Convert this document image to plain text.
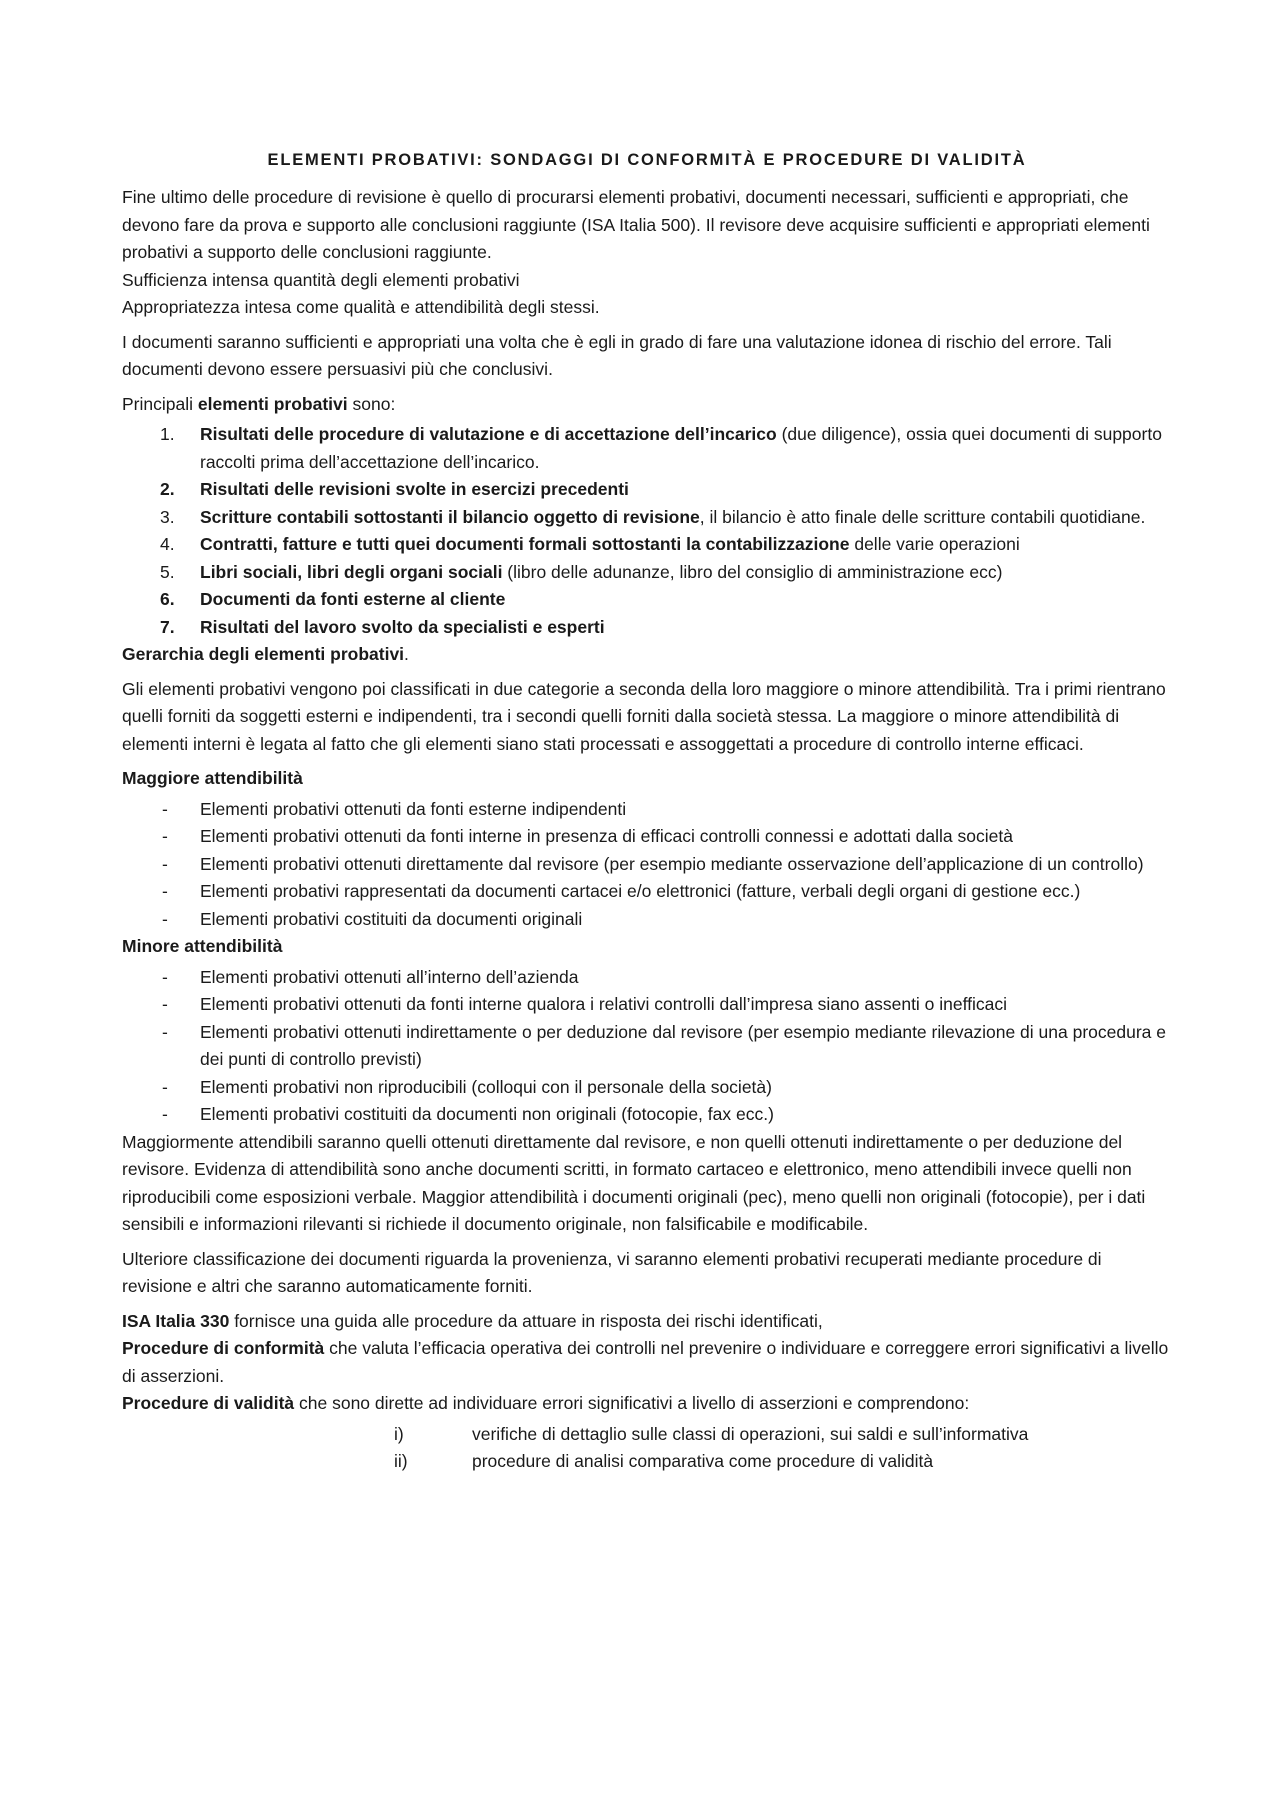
ELEMENTI PROBATIVI: SONDAGGI DI CONFORMITÀ E PROCEDURE DI VALIDITÀ

Fine ultimo delle procedure di revisione è quello di procurarsi elementi probativi, documenti necessari, sufficienti e appropriati, che devono fare da prova e supporto alle conclusioni raggiunte (ISA Italia 500). Il revisore deve acquisire sufficienti e appropriati elementi probativi a supporto delle conclusioni raggiunte.

Sufficienza intensa quantità degli elementi probativi

Appropriatezza intesa come qualità e attendibilità degli stessi.

I documenti saranno sufficienti e appropriati una volta che è egli in grado di fare una valutazione idonea di rischio del errore. Tali documenti devono essere persuasivi più che conclusivi.

Principali elementi probativi sono:

1. Risultati delle procedure di valutazione e di accettazione dell’incarico (due diligence), ossia quei documenti di supporto raccolti prima dell’accettazione dell’incarico.
2. Risultati delle revisioni svolte in esercizi precedenti
3. Scritture contabili sottostanti il bilancio oggetto di revisione, il bilancio è atto finale delle scritture contabili quotidiane.
4. Contratti, fatture e tutti quei documenti formali sottostanti la contabilizzazione delle varie operazioni
5. Libri sociali, libri degli organi sociali (libro delle adunanze, libro del consiglio di amministrazione ecc)
6. Documenti da fonti esterne al cliente
7. Risultati del lavoro svolto da specialisti e esperti

Gerarchia degli elementi probativi.

Gli elementi probativi vengono poi classificati in due categorie a seconda della loro maggiore o minore attendibilità. Tra i primi rientrano quelli forniti da soggetti esterni e indipendenti, tra i secondi quelli forniti dalla società stessa. La maggiore o minore attendibilità di elementi interni è legata al fatto che gli elementi siano stati processati e assoggettati a procedure di controllo interne efficaci.

Maggiore attendibilità

- Elementi probativi ottenuti da fonti esterne indipendenti
- Elementi probativi ottenuti da fonti interne in presenza di efficaci controlli connessi e adottati dalla società
- Elementi probativi ottenuti direttamente dal revisore (per esempio mediante osservazione dell’applicazione di un controllo)
- Elementi probativi rappresentati da documenti cartacei e/o elettronici (fatture, verbali degli organi di gestione ecc.)
- Elementi probativi costituiti da documenti originali

Minore attendibilità

- Elementi probativi ottenuti all’interno dell’azienda
- Elementi probativi ottenuti da fonti interne qualora i relativi controlli dall’impresa siano assenti o inefficaci
- Elementi probativi ottenuti indirettamente o per deduzione dal revisore (per esempio mediante rilevazione di una procedura e dei punti di controllo previsti)
- Elementi probativi non riproducibili (colloqui con il personale della società)
- Elementi probativi costituiti da documenti non originali (fotocopie, fax ecc.)

Maggiormente attendibili saranno quelli ottenuti direttamente dal revisore, e non quelli ottenuti indirettamente o per deduzione del revisore. Evidenza di attendibilità sono anche documenti scritti, in formato cartaceo e elettronico, meno attendibili invece quelli non riproducibili come esposizioni verbale. Maggior attendibilità i documenti originali (pec), meno quelli non originali (fotocopie), per i dati sensibili e informazioni rilevanti si richiede il documento originale, non falsificabile e modificabile.

Ulteriore classificazione dei documenti riguarda la provenienza, vi saranno elementi probativi recuperati mediante procedure di revisione e altri che saranno automaticamente forniti.

ISA Italia 330 fornisce una guida alle procedure da attuare in risposta dei rischi identificati,

Procedure di conformità che valuta l’efficacia operativa dei controlli nel prevenire o individuare e correggere errori significativi a livello di asserzioni.

Procedure di validità che sono dirette ad individuare errori significativi a livello di asserzioni e comprendono:

i)	verifiche di dettaglio sulle classi di operazioni, sui saldi e sull’informativa
ii)	procedure di analisi comparativa come procedure di validità
